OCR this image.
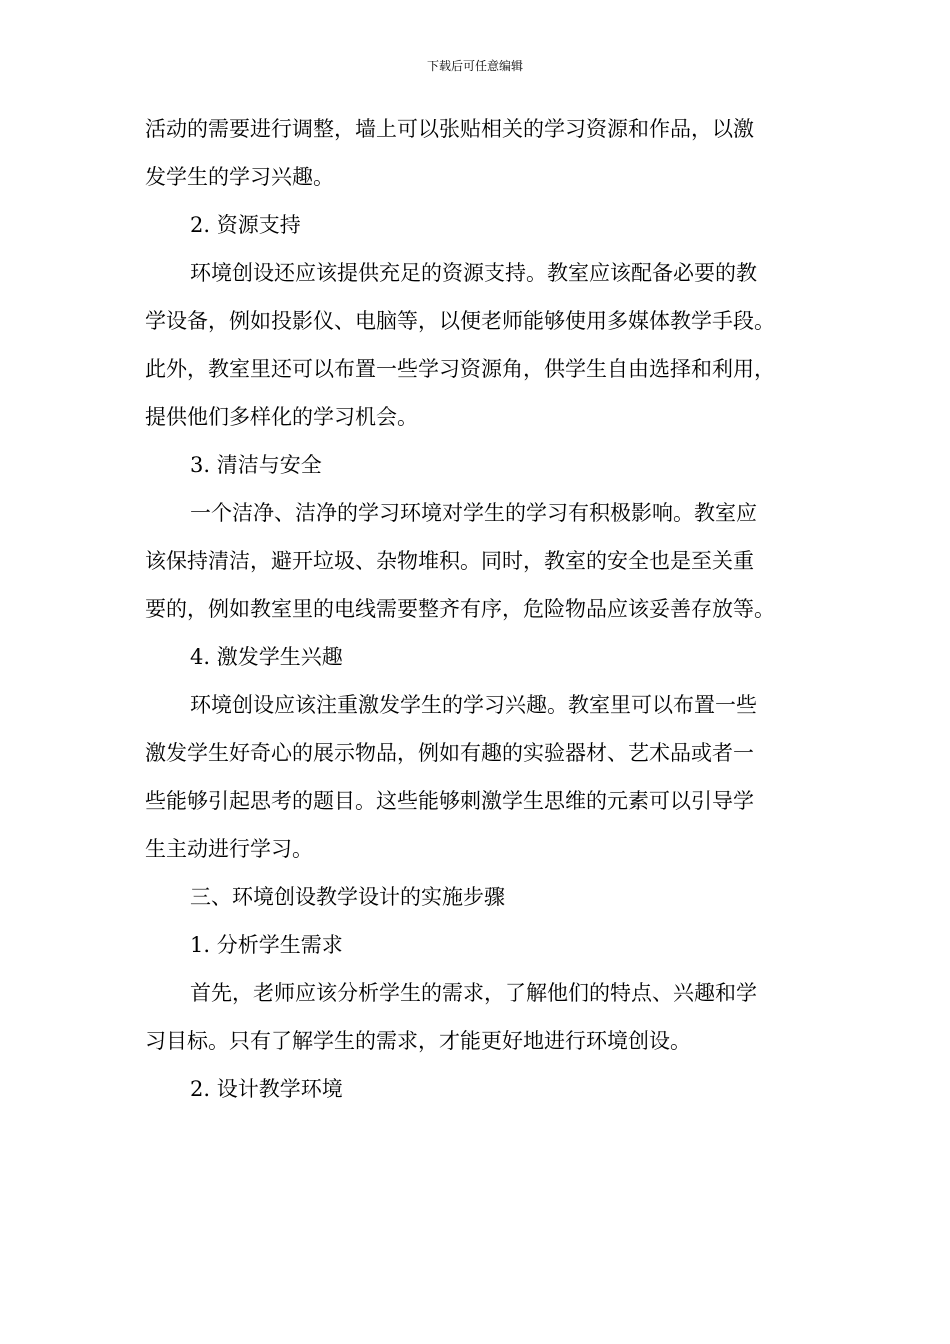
下载后可任意编辑

活动的需要进行调整，墙上可以张贴相关的学习资源和作品，以激
发学生的学习兴趣。

2. 资源支持

环境创设还应该提供充足的资源支持。教室应该配备必要的教
学设备，例如投影仪、电脑等，以便老师能够使用多媒体教学手段。
此外，教室里还可以布置一些学习资源角，供学生自由选择和利用，
提供他们多样化的学习机会。

3. 清洁与安全

一个洁净、洁净的学习环境对学生的学习有积极影响。教室应
该保持清洁，避开垃圾、杂物堆积。同时，教室的安全也是至关重
要的，例如教室里的电线需要整齐有序，危险物品应该妥善存放等。

4. 激发学生兴趣

环境创设应该注重激发学生的学习兴趣。教室里可以布置一些
激发学生好奇心的展示物品，例如有趣的实验器材、艺术品或者一
些能够引起思考的题目。这些能够刺激学生思维的元素可以引导学
生主动进行学习。

三、环境创设教学设计的实施步骤

1. 分析学生需求

首先，老师应该分析学生的需求，了解他们的特点、兴趣和学
习目标。只有了解学生的需求，才能更好地进行环境创设。

2. 设计教学环境
